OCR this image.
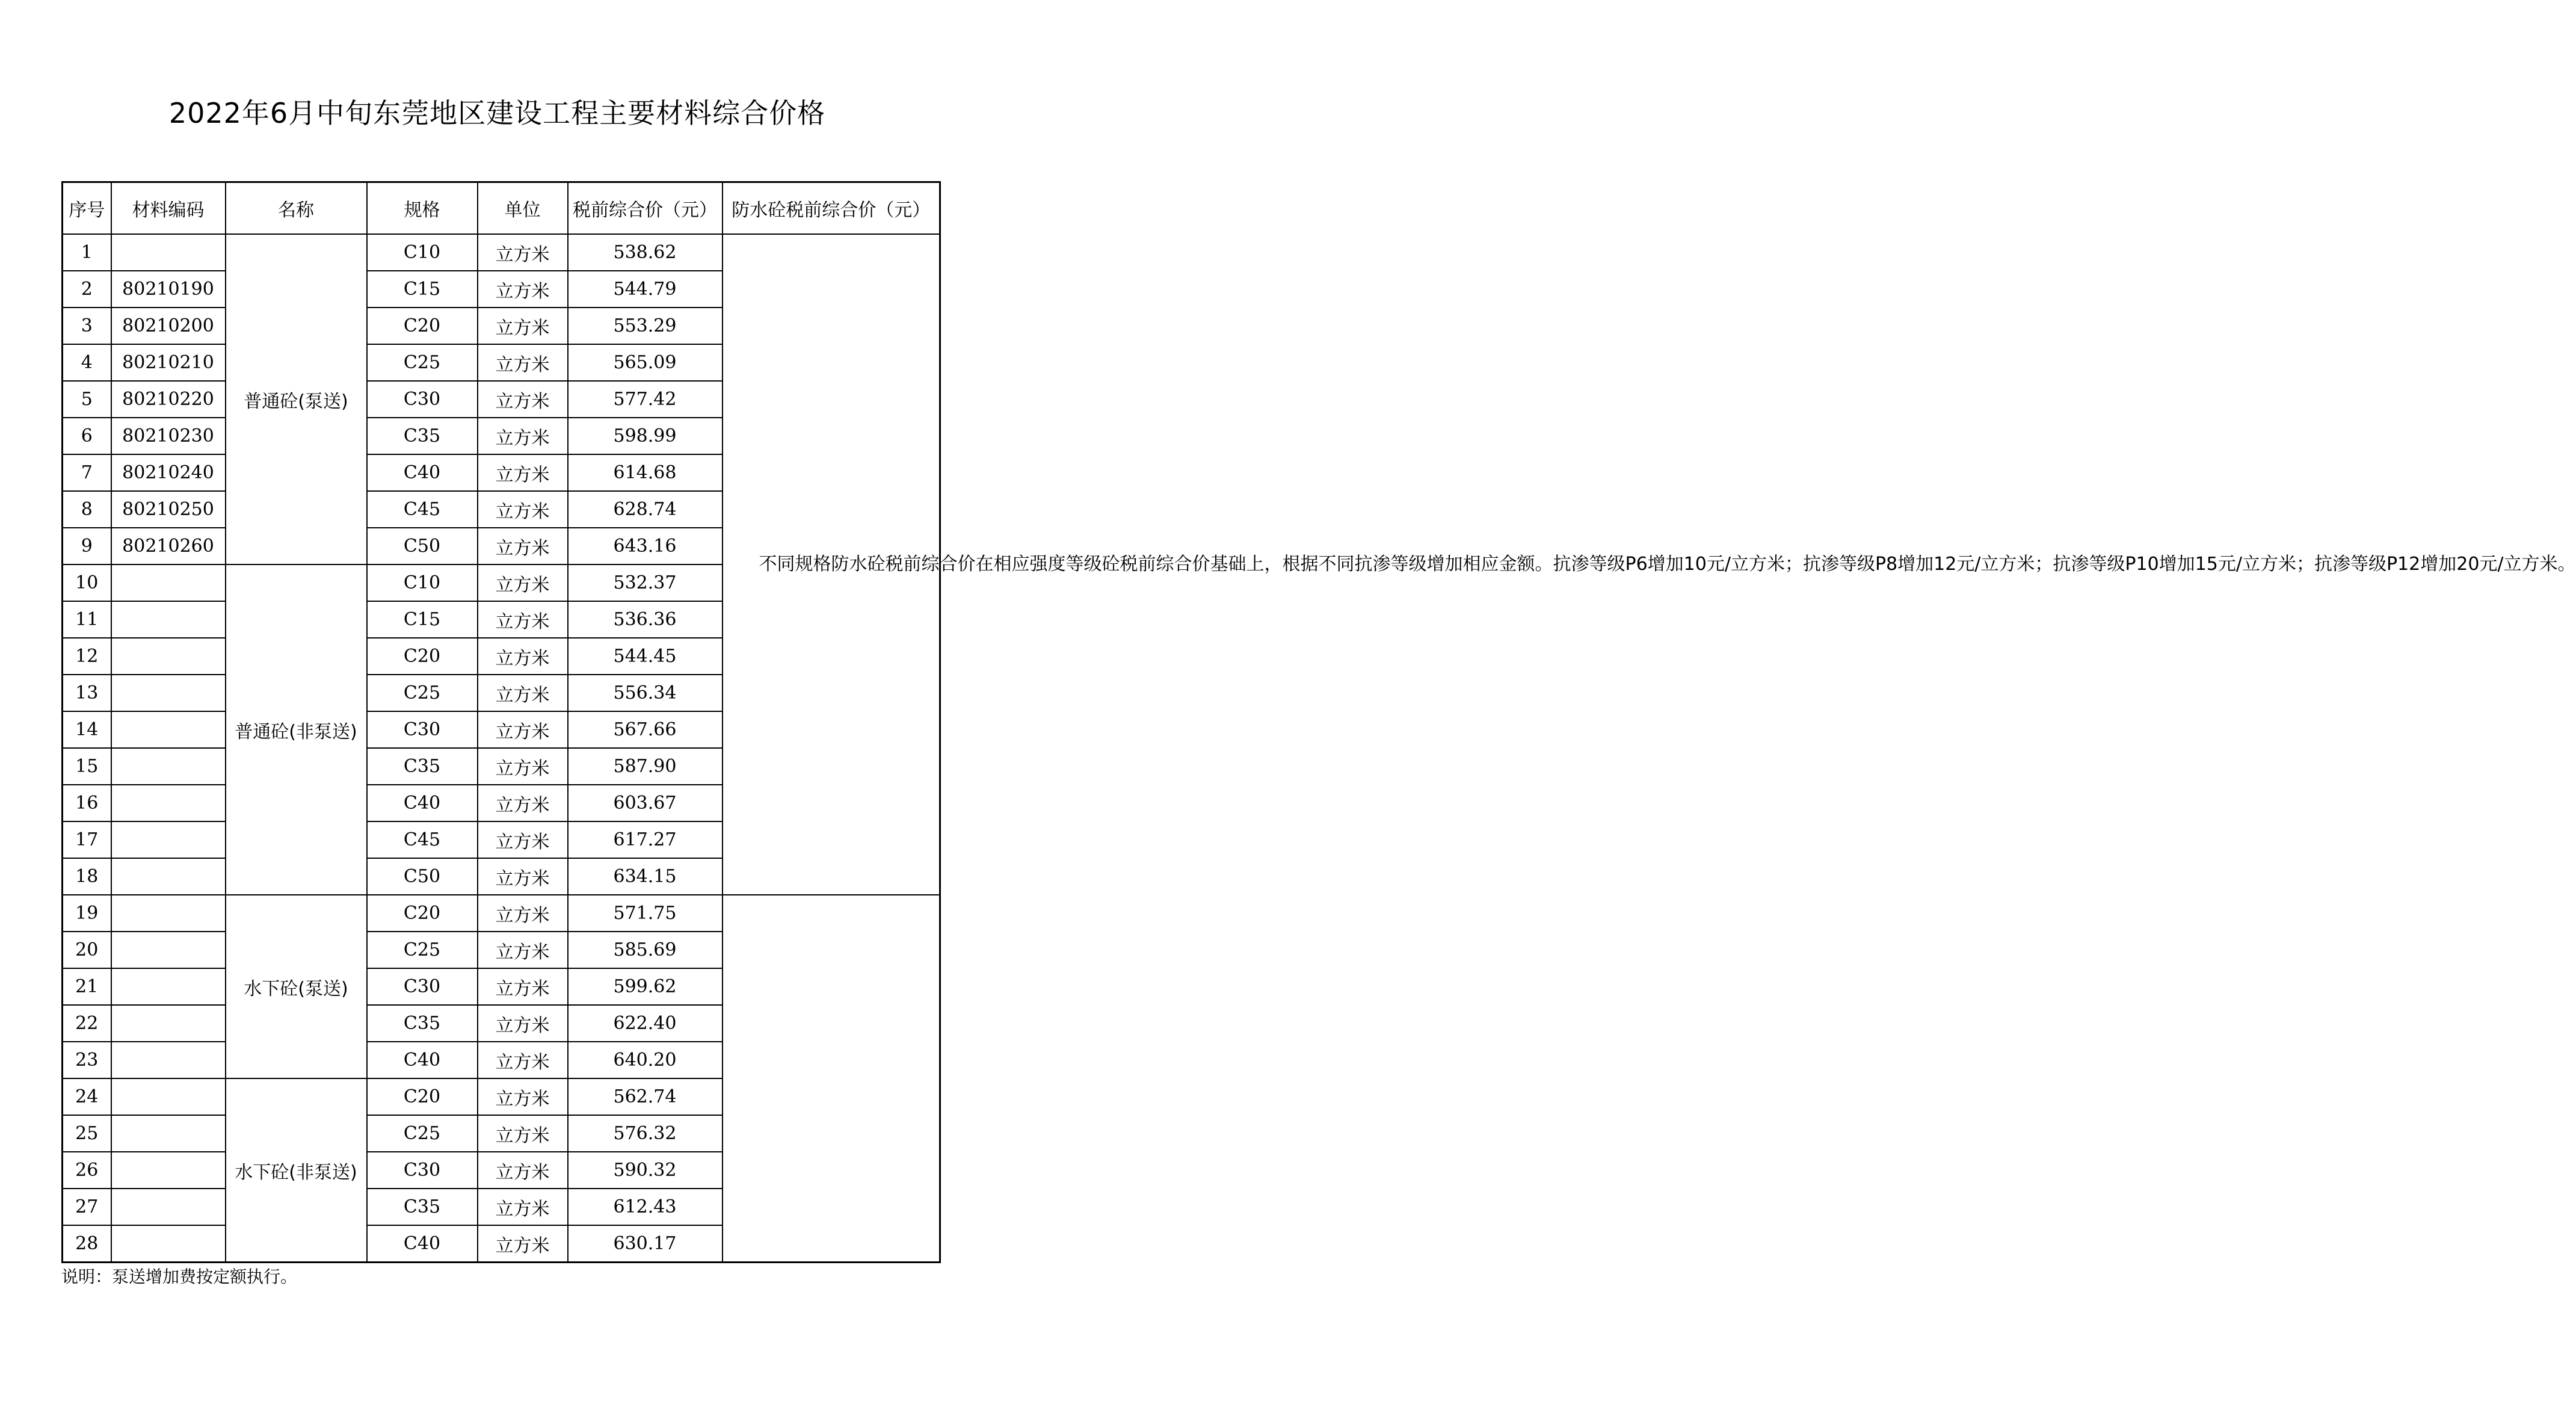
2022年6月中旬东莞地区建设工程主要材料综合价格
序号	材料编码	名称	规格	单位	税前综合价（元）	防水砼税前综合价（元）
1		普通砼(泵送)	C10	立方米	538.62	不同规格防水砼税前综合价在相应强度等级砼税前综合价基础上，根据不同抗渗等级增加相应金额。抗渗等级P6增加10元/立方米；抗渗等级P8增加12元/立方米；抗渗等级P10增加15元/立方米；抗渗等级P12增加20元/立方米。
2	80210190		C15	立方米	544.79	
3	80210200		C20	立方米	553.29	
4	80210210		C25	立方米	565.09	
5	80210220		C30	立方米	577.42	
6	80210230		C35	立方米	598.99	
7	80210240		C40	立方米	614.68	
8	80210250		C45	立方米	628.74	
9	80210260		C50	立方米	643.16	
10		普通砼(非泵送)	C10	立方米	532.37	
11			C15	立方米	536.36	
12			C20	立方米	544.45	
13			C25	立方米	556.34	
14			C30	立方米	567.66	
15			C35	立方米	587.90	
16			C40	立方米	603.67	
17			C45	立方米	617.27	
18			C50	立方米	634.15	
19		水下砼(泵送)	C20	立方米	571.75	
20			C25	立方米	585.69	
21			C30	立方米	599.62	
22			C35	立方米	622.40	
23			C40	立方米	640.20	
24		水下砼(非泵送)	C20	立方米	562.74	
25			C25	立方米	576.32	
26			C30	立方米	590.32	
27			C35	立方米	612.43	
28			C40	立方米	630.17	
说明：泵送增加费按定额执行。
